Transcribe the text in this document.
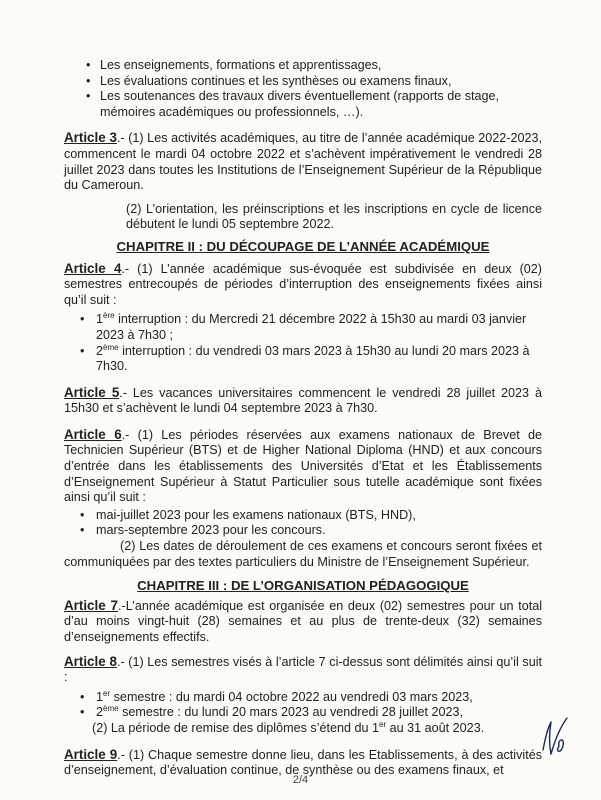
• Les enseignements, formations et apprentissages,
• Les évaluations continues et les synthèses ou examens finaux,
• Les soutenances des travaux divers éventuellement (rapports de stage, mémoires académiques ou professionnels, …).

Article 3.- (1) Les activités académiques, au titre de l’année académique 2022-2023, commencent le mardi 04 octobre 2022 et s’achèvent impérativement le vendredi 28 juillet 2023 dans toutes les Institutions de l’Enseignement Supérieur de la République du Cameroun.

(2) L’orientation, les préinscriptions et les inscriptions en cycle de licence débutent le lundi 05 septembre 2022.

CHAPITRE II : DU DÉCOUPAGE DE L’ANNÉE ACADÉMIQUE

Article 4.- (1) L’année académique sus-évoquée est subdivisée en deux (02) semestres entrecoupés de périodes d’interruption des enseignements fixées ainsi qu’il suit :

• 1ère interruption : du Mercredi 21 décembre 2022 à 15h30 au mardi 03 janvier 2023 à 7h30 ;
• 2ème interruption : du vendredi 03 mars 2023 à 15h30 au lundi 20 mars 2023 à 7h30.

Article 5.- Les vacances universitaires commencent le vendredi 28 juillet 2023 à 15h30 et s’achèvent le lundi 04 septembre 2023 à 7h30.

Article 6.- (1) Les périodes réservées aux examens nationaux de Brevet de Technicien Supérieur (BTS) et de Higher National Diploma (HND) et aux concours d’entrée dans les établissements des Universités d’Etat et les Établissements d’Enseignement Supérieur à Statut Particulier sous tutelle académique sont fixées ainsi qu’il suit :

• mai-juillet 2023 pour les examens nationaux (BTS, HND),
• mars-septembre 2023 pour les concours.

(2) Les dates de déroulement de ces examens et concours seront fixées et communiquées par des textes particuliers du Ministre de l’Enseignement Supérieur.

CHAPITRE III : DE L’ORGANISATION PÉDAGOGIQUE

Article 7.-L’année académique est organisée en deux (02) semestres pour un total d’au moins vingt-huit (28) semaines et au plus de trente-deux (32) semaines d’enseignements effectifs.

Article 8.- (1) Les semestres visés à l’article 7 ci-dessus sont délimités ainsi qu’il suit :

• 1er semestre : du mardi 04 octobre 2022 au vendredi 03 mars 2023,
• 2ème semestre : du lundi 20 mars 2023 au vendredi 28 juillet 2023,

(2) La période de remise des diplômes s’étend du 1er au 31 août 2023.

Article 9.- (1) Chaque semestre donne lieu, dans les Etablissements, à des activités d’enseignement, d’évaluation continue, de synthèse ou des examens finaux, et

2/4
